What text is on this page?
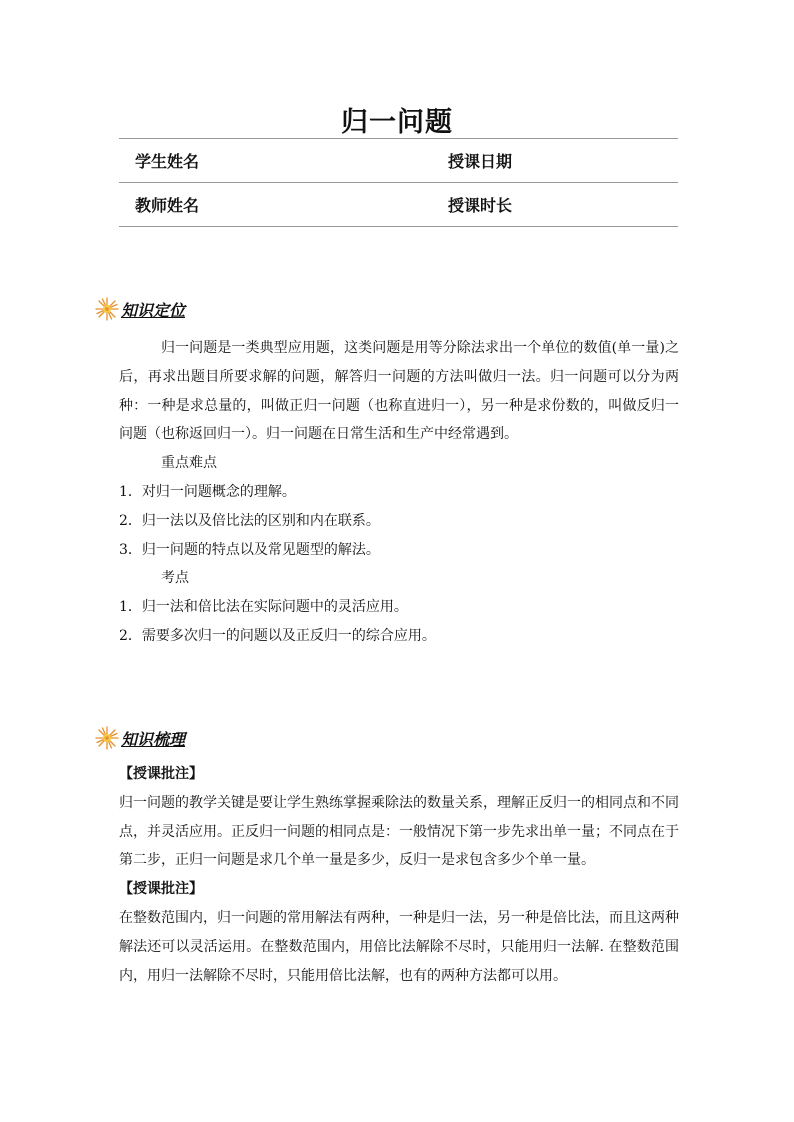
归一问题
学生姓名	授课日期
教师姓名	授课时长
知识定位

归一问题是一类典型应用题，这类问题是用等分除法求出一个单位的数值(单一量)之后，再求出题目所要求解的问题，解答归一问题的方法叫做归一法。归一问题可以分为两种：一种是求总量的，叫做正归一问题（也称直进归一），另一种是求份数的，叫做反归一问题（也称返回归一）。归一问题在日常生活和生产中经常遇到。

重点难点

1．对归一问题概念的理解。

2．归一法以及倍比法的区别和内在联系。

3．归一问题的特点以及常见题型的解法。

考点

1．归一法和倍比法在实际问题中的灵活应用。

2．需要多次归一的问题以及正反归一的综合应用。

知识梳理

【授课批注】

归一问题的教学关键是要让学生熟练掌握乘除法的数量关系，理解正反归一的相同点和不同点，并灵活应用。正反归一问题的相同点是：一般情况下第一步先求出单一量；不同点在于第二步，正归一问题是求几个单一量是多少，反归一是求包含多少个单一量。

【授课批注】

在整数范围内，归一问题的常用解法有两种，一种是归一法，另一种是倍比法，而且这两种解法还可以灵活运用。在整数范围内，用倍比法解除不尽时，只能用归一法解. 在整数范围内，用归一法解除不尽时，只能用倍比法解，也有的两种方法都可以用。
